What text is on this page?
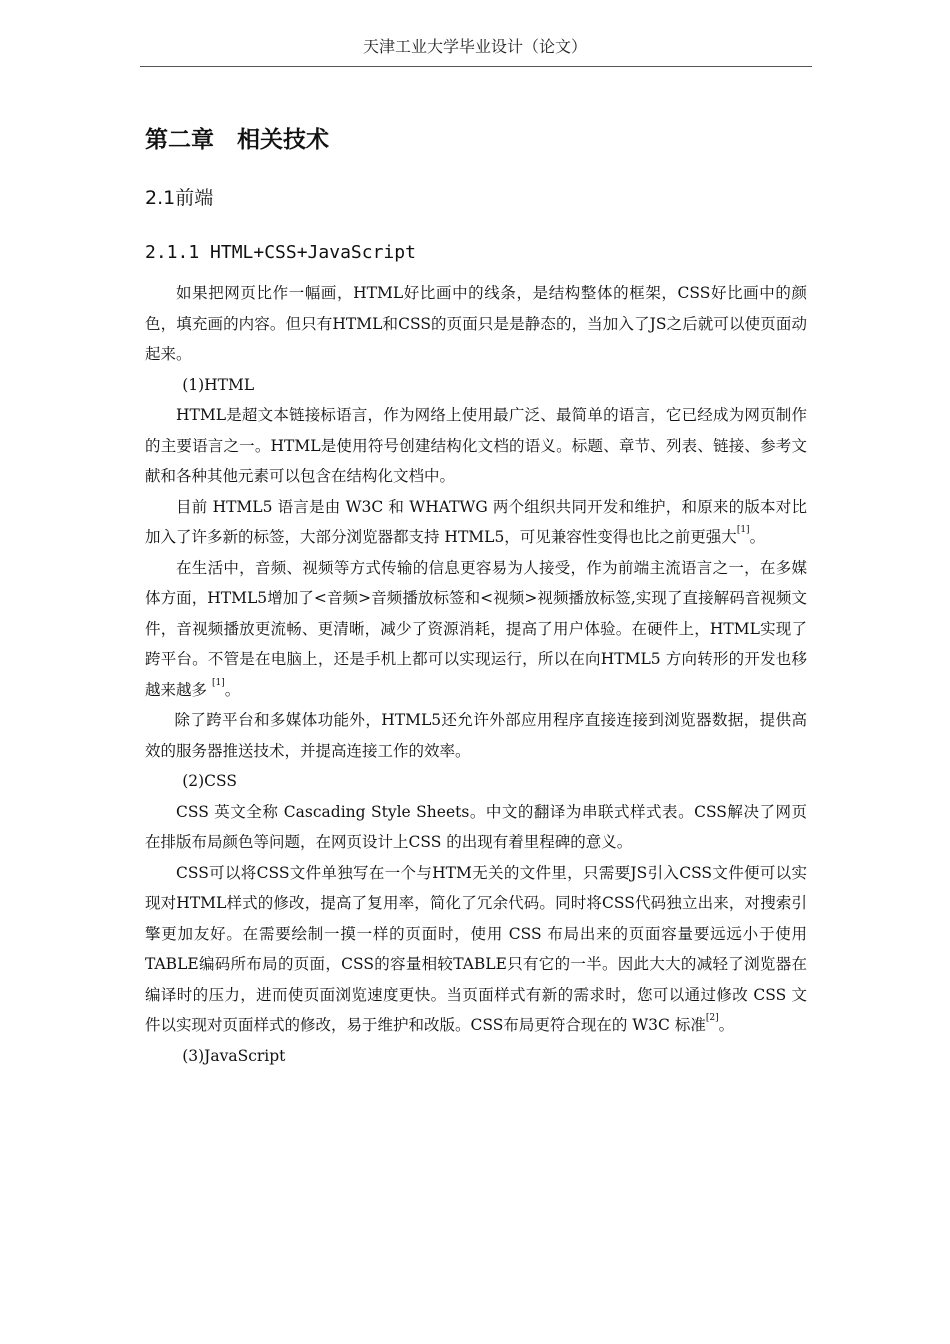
天津工业大学毕业设计（论文）
第二章　相关技术
2.1前端
2.1.1 HTML+CSS+JavaScript

如果把网页比作一幅画，HTML好比画中的线条，是结构整体的框架，CSS好比画中的颜色，填充画的内容。但只有HTML和CSS的页面只是是静态的，当加入了JS之后就可以使页面动起来。

(1)HTML

HTML是超文本链接标语言，作为网络上使用最广泛、最简单的语言，它已经成为网页制作的主要语言之一。HTML是使用符号创建结构化文档的语义。标题、章节、列表、链接、参考文献和各种其他元素可以包含在结构化文档中。

目前 HTML5 语言是由 W3C 和 WHATWG 两个组织共同开发和维护，和原来的版本对比加入了许多新的标签，大部分浏览器都支持 HTML5，可见兼容性变得也比之前更强大[1]。

在生活中，音频、视频等方式传输的信息更容易为人接受，作为前端主流语言之一，在多媒体方面，HTML5增加了<音频>音频播放标签和<视频>视频播放标签,实现了直接解码音视频文件，音视频播放更流畅、更清晰，减少了资源消耗，提高了用户体验。在硬件上，HTML实现了跨平台。不管是在电脑上，还是手机上都可以实现运行，所以在向HTML5 方向转形的开发也移越来越多 [1]。

除了跨平台和多媒体功能外，HTML5还允许外部应用程序直接连接到浏览器数据，提供高效的服务器推送技术，并提高连接工作的效率。

(2)CSS

CSS 英文全称 Cascading Style Sheets。中文的翻译为串联式样式表。CSS解决了网页在排版布局颜色等问题，在网页设计上CSS 的出现有着里程碑的意义。

CSS可以将CSS文件单独写在一个与HTM无关的文件里，只需要JS引入CSS文件便可以实现对HTML样式的修改，提高了复用率，简化了冗余代码。同时将CSS代码独立出来，对搜索引擎更加友好。在需要绘制一摸一样的页面时，使用 CSS 布局出来的页面容量要远远小于使用TABLE编码所布局的页面，CSS的容量相较TABLE只有它的一半。因此大大的减轻了浏览器在编译时的压力，进而使页面浏览速度更快。当页面样式有新的需求时，您可以通过修改 CSS 文件以实现对页面样式的修改，易于维护和改版。CSS布局更符合现在的 W3C 标准[2]。

(3)JavaScript
